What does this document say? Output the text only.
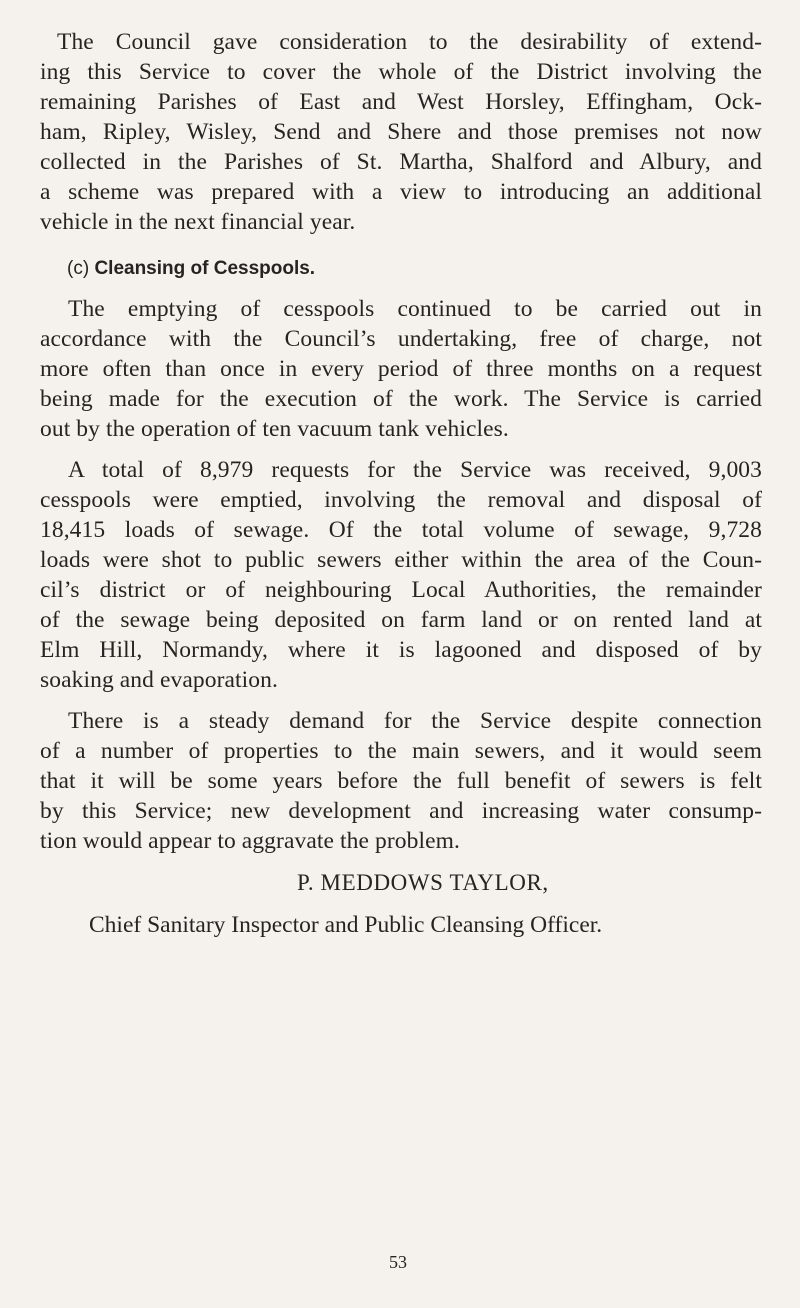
The Council gave consideration to the desirability of extend-
ing this Service to cover the whole of the District involving the
remaining Parishes of East and West Horsley, Effingham, Ock-
ham, Ripley, Wisley, Send and Shere and those premises not now
collected in the Parishes of St. Martha, Shalford and Albury, and
a scheme was prepared with a view to introducing an additional
vehicle in the next financial year.
(c) Cleansing of Cesspools.
The emptying of cesspools continued to be carried out in
accordance with the Council’s undertaking, free of charge, not
more often than once in every period of three months on a request
being made for the execution of the work. The Service is carried
out by the operation of ten vacuum tank vehicles.
A total of 8,979 requests for the Service was received, 9,003
cesspools were emptied, involving the removal and disposal of
18,415 loads of sewage. Of the total volume of sewage, 9,728
loads were shot to public sewers either within the area of the Coun-
cil’s district or of neighbouring Local Authorities, the remainder
of the sewage being deposited on farm land or on rented land at
Elm Hill, Normandy, where it is lagooned and disposed of by
soaking and evaporation.
There is a steady demand for the Service despite connection
of a number of properties to the main sewers, and it would seem
that it will be some years before the full benefit of sewers is felt
by this Service; new development and increasing water consump-
tion would appear to aggravate the problem.
P. MEDDOWS TAYLOR,
Chief Sanitary Inspector and Public Cleansing Officer.
53
